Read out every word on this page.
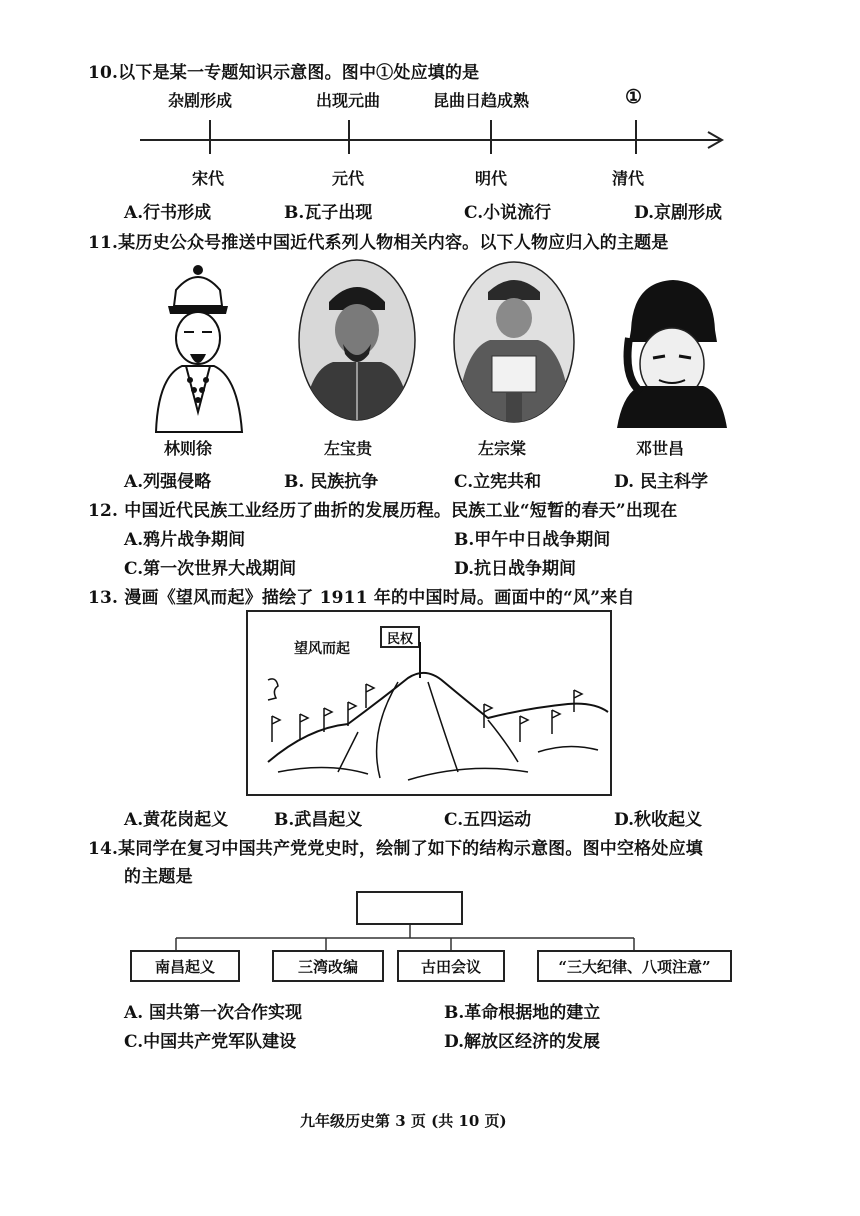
10.以下是某一专题知识示意图。图中①处应填的是
杂剧形成	出现元曲	昆曲日趋成熟	①
宋代	元代	明代	清代
A.行书形成	B.瓦子出现	C.小说流行	D.京剧形成
11.某历史公众号推送中国近代系列人物相关内容。以下人物应归入的主题是
林则徐	左宝贵	左宗棠	邓世昌
A.列强侵略	B. 民族抗争	C.立宪共和	D. 民主科学
12. 中国近代民族工业经历了曲折的发展历程。民族工业“短暂的春天”出现在
A.鸦片战争期间	B.甲午中日战争期间
C.第一次世界大战期间	D.抗日战争期间
13. 漫画《望风而起》描绘了 1911 年的中国时局。画面中的“风”来自
望风而起
民权
A.黄花岗起义	B.武昌起义	C.五四运动	D.秋收起义
14.某同学在复习中国共产党党史时，绘制了如下的结构示意图。图中空格处应填
的主题是
南昌起义	三湾改编	古田会议	“三大纪律、八项注意”
A. 国共第一次合作实现	B.革命根据地的建立
C.中国共产党军队建设	D.解放区经济的发展
九年级历史第 3 页 (共 10 页)
